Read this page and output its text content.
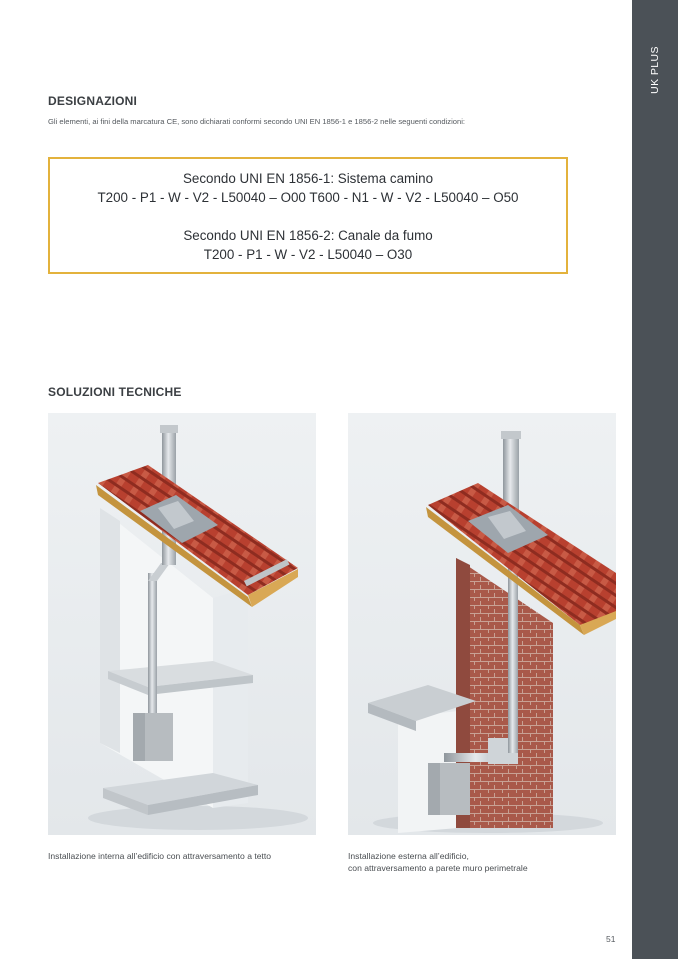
UK PLUS
DESIGNAZIONI
Gli elementi, ai fini della marcatura CE, sono dichiarati conformi secondo UNI EN 1856-1 e 1856-2 nelle seguenti condizioni:
Secondo UNI EN 1856-1: Sistema camino
T200 - P1 - W - V2 - L50040 – O00 T600 - N1 - W - V2 - L50040 – O50
Secondo UNI EN 1856-2: Canale da fumo
T200 - P1 - W - V2 - L50040 – O30
SOLUZIONI TECNICHE
Installazione interna all’edificio con attraversamento a tetto	Installazione esterna all’edificio,
con attraversamento a parete muro perimetrale
51
